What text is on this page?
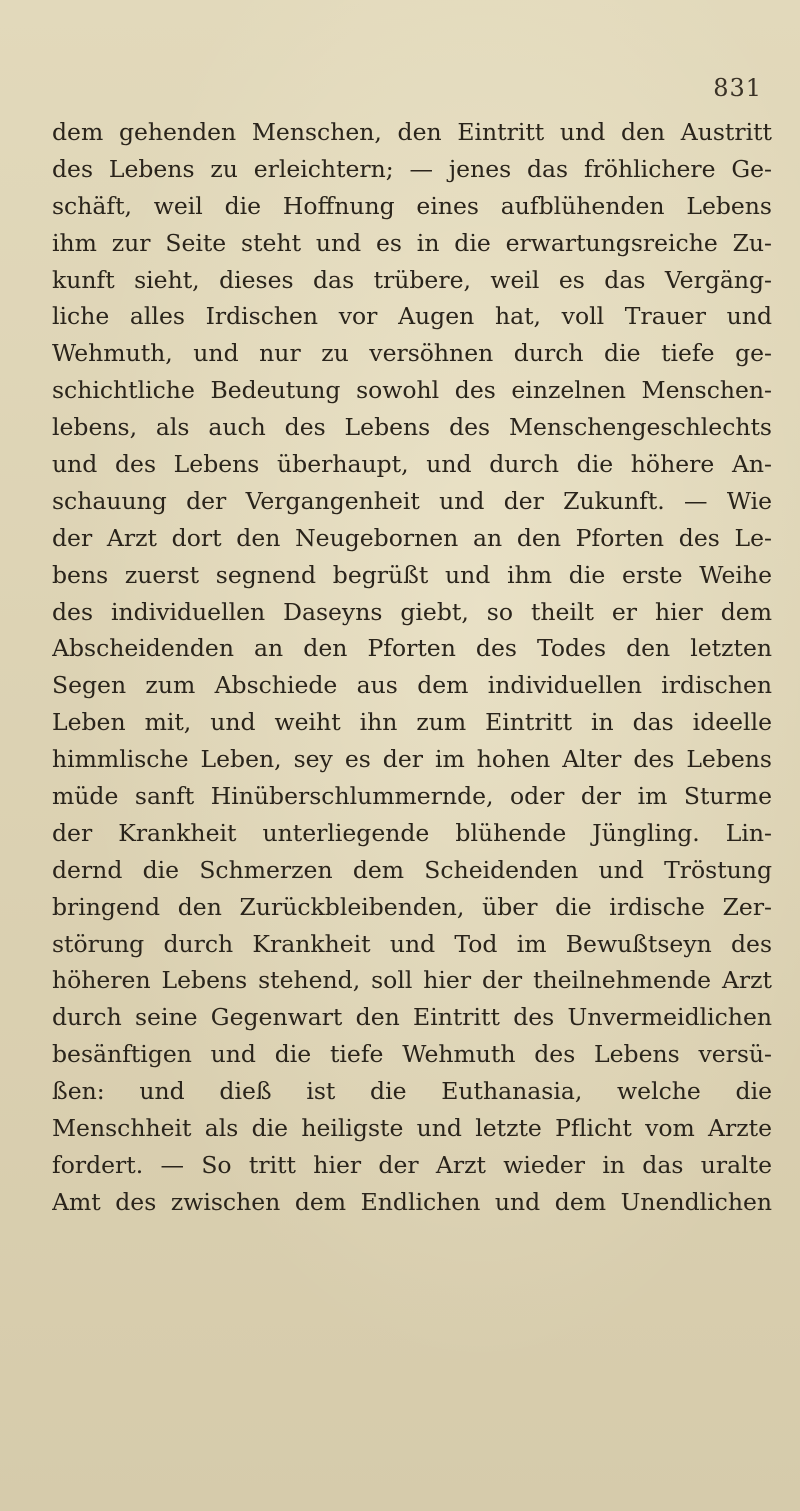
831
dem gehenden Menschen, den Eintritt und den Austritt
des Lebens zu erleichtern; — jenes das fröhlichere Ge-
schäft, weil die Hoffnung eines aufblühenden Lebens
ihm zur Seite steht und es in die erwartungsreiche Zu-
kunft sieht, dieses das trübere, weil es das Vergäng-
liche alles Irdischen vor Augen hat, voll Trauer und
Wehmuth, und nur zu versöhnen durch die tiefe ge-
schichtliche Bedeutung sowohl des einzelnen Menschen-
lebens, als auch des Lebens des Menschengeschlechts
und des Lebens überhaupt, und durch die höhere An-
schauung der Vergangenheit und der Zukunft. — Wie
der Arzt dort den Neugebornen an den Pforten des Le-
bens zuerst segnend begrüßt und ihm die erste Weihe
des individuellen Daseyns giebt, so theilt er hier dem
Abscheidenden an den Pforten des Todes den letzten
Segen zum Abschiede aus dem individuellen irdischen
Leben mit, und weiht ihn zum Eintritt in das ideelle
himmlische Leben, sey es der im hohen Alter des Lebens
müde sanft Hinüberschlummernde, oder der im Sturme
der Krankheit unterliegende blühende Jüngling. Lin-
dernd die Schmerzen dem Scheidenden und Tröstung
bringend den Zurückbleibenden, über die irdische Zer-
störung durch Krankheit und Tod im Bewußtseyn des
höheren Lebens stehend, soll hier der theilnehmende Arzt
durch seine Gegenwart den Eintritt des Unvermeidlichen
besänftigen und die tiefe Wehmuth des Lebens versü-
ßen: und dieß ist die Euthanasia, welche die
Menschheit als die heiligste und letzte Pflicht vom Arzte
fordert. — So tritt hier der Arzt wieder in das uralte
Amt des zwischen dem Endlichen und dem Unendlichen
